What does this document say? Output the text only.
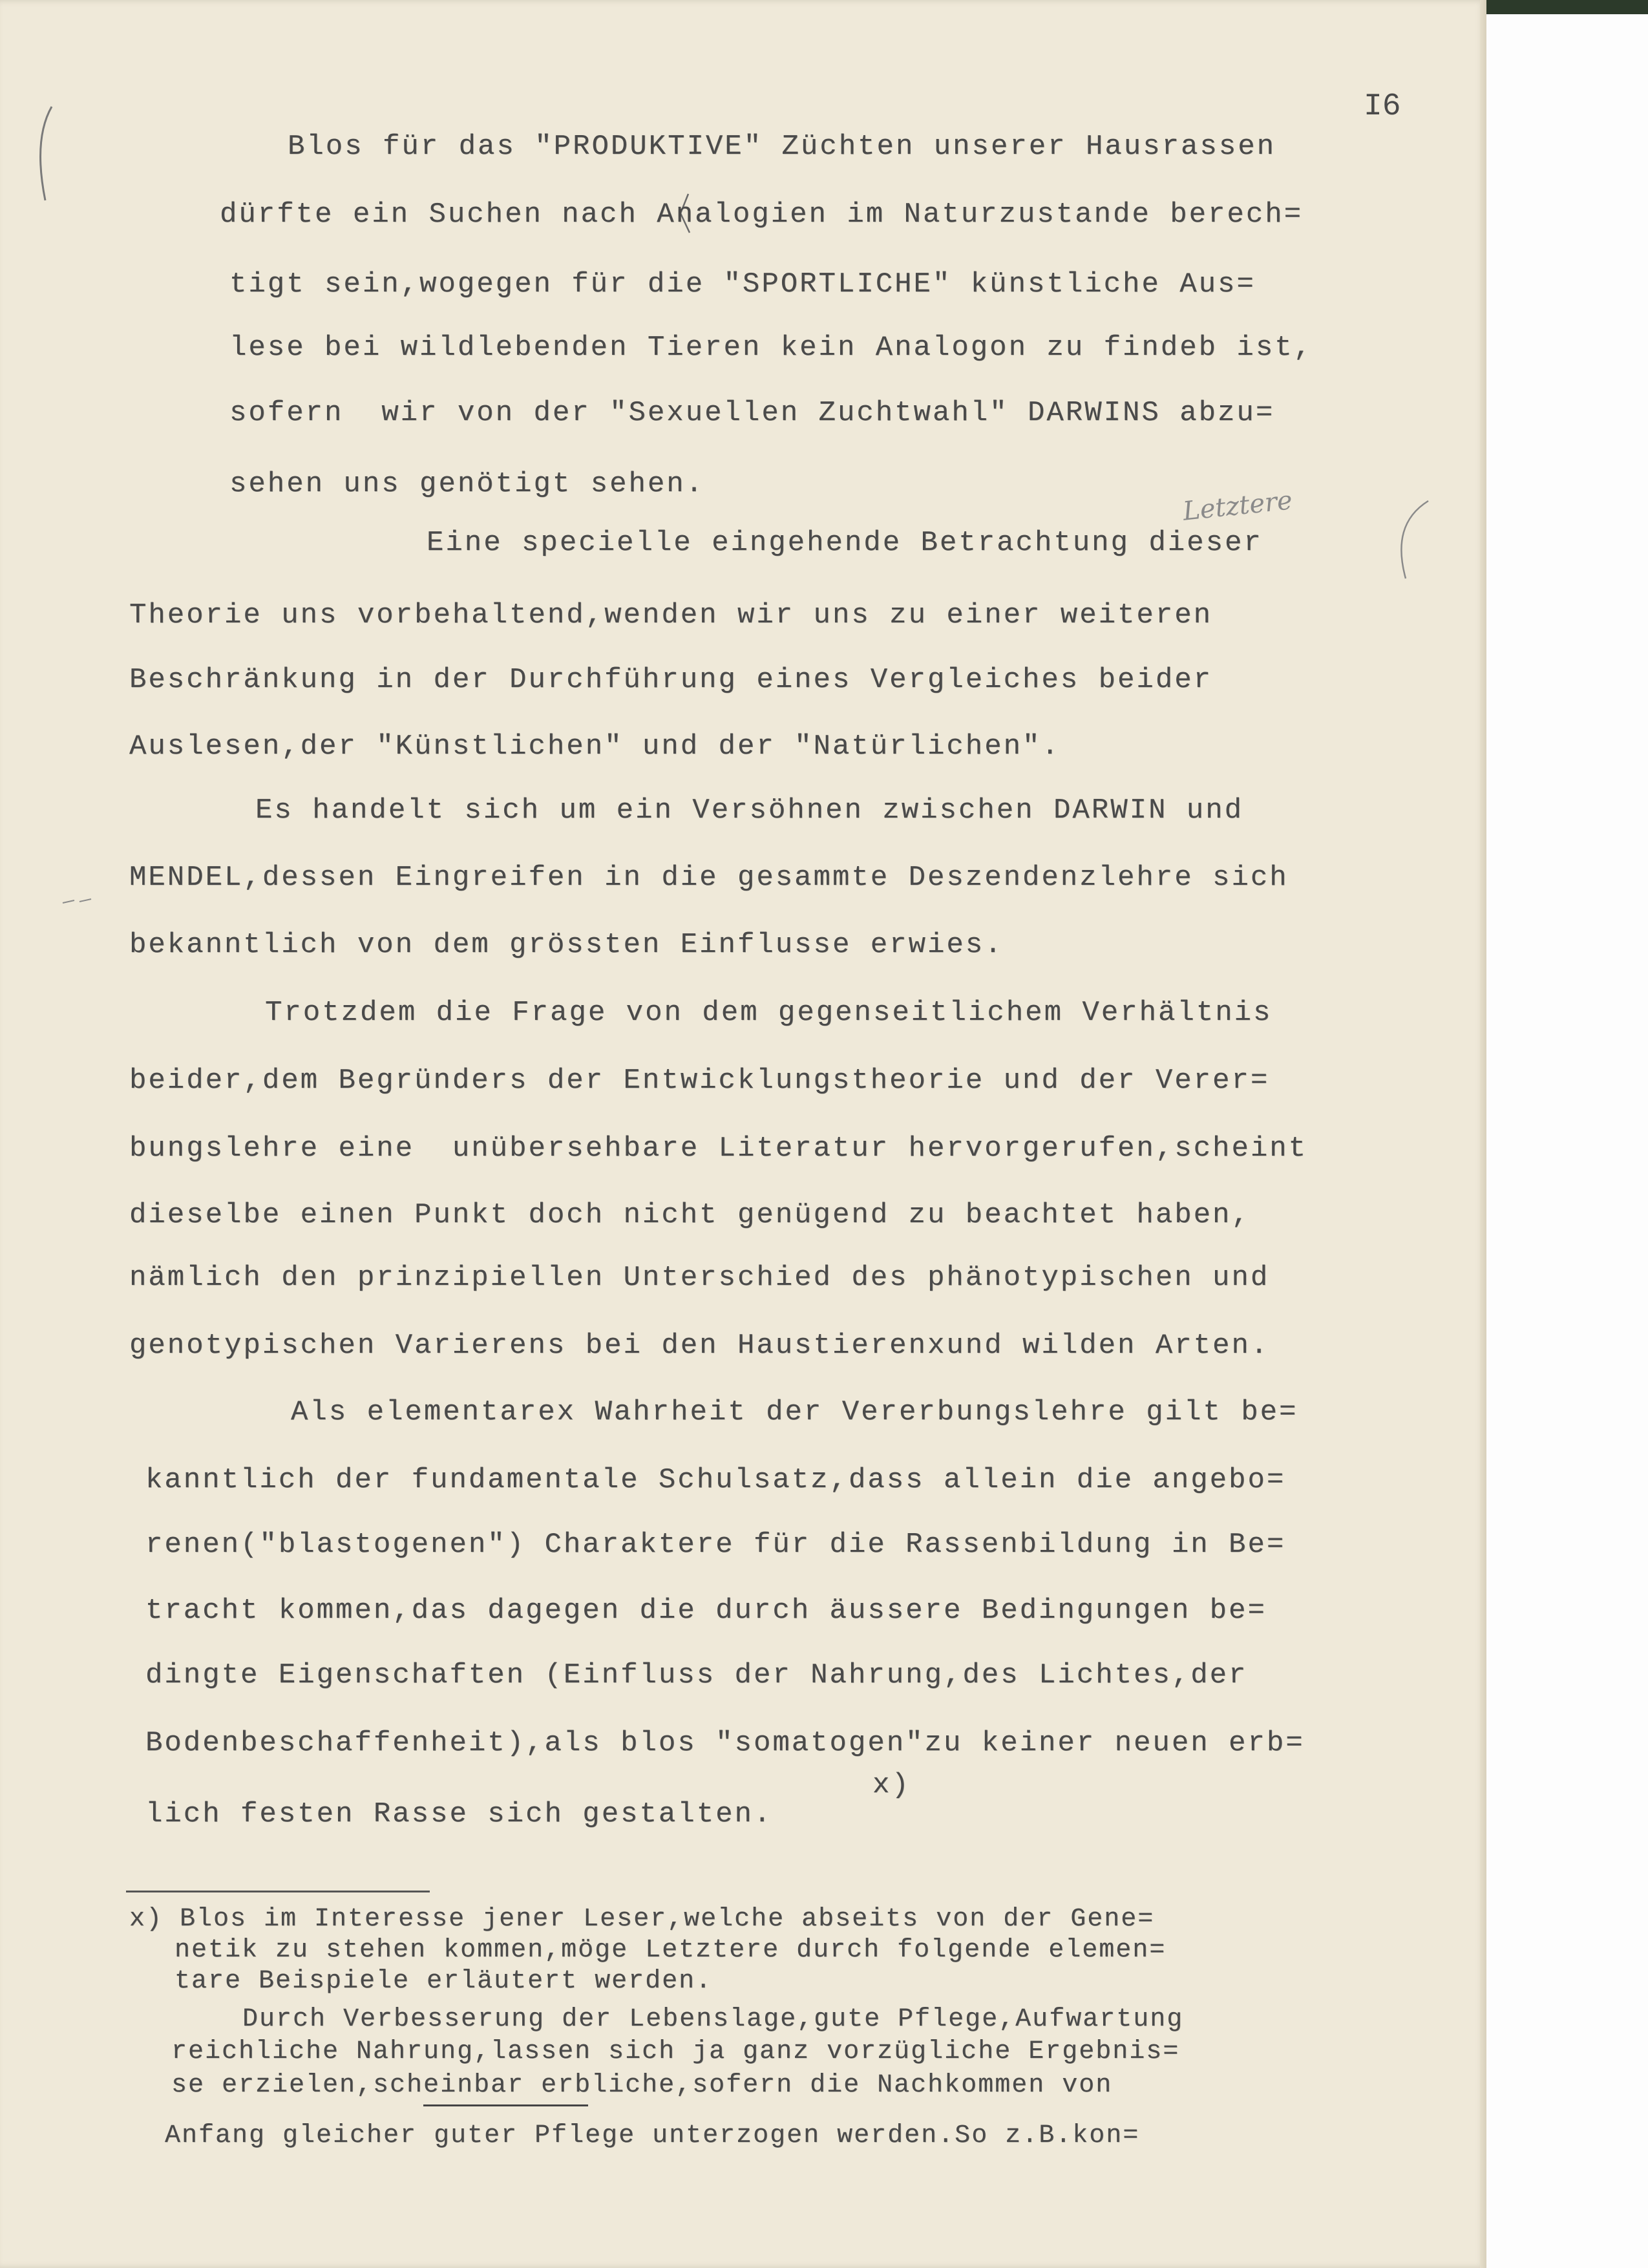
I6
Letztere
Blos für das "PRODUKTIVE" Züchten unserer Hausrassen
dürfte ein Suchen nach Analogien im Naturzustande berech=
tigt sein,wogegen für die "SPORTLICHE" künstliche Aus=
lese bei wildlebenden Tieren kein Analogon zu findeb ist,
sofern  wir von der "Sexuellen Zuchtwahl" DARWINS abzu=
sehen uns genötigt sehen.
Eine specielle eingehende Betrachtung dieser
Theorie uns vorbehaltend,wenden wir uns zu einer weiteren
Beschränkung in der Durchführung eines Vergleiches beider
Auslesen,der "Künstlichen" und der "Natürlichen".
Es handelt sich um ein Versöhnen zwischen DARWIN und
MENDEL,dessen Eingreifen in die gesammte Deszendenzlehre sich
bekanntlich von dem grössten Einflusse erwies.
Trotzdem die Frage von dem gegenseitlichem Verhältnis
beider,dem Begründers der Entwicklungstheorie und der Verer=
bungslehre eine  unübersehbare Literatur hervorgerufen,scheint
dieselbe einen Punkt doch nicht genügend zu beachtet haben,
nämlich den prinzipiellen Unterschied des phänotypischen und
genotypischen Varierens bei den Haustierenxund wilden Arten.
Als elementarex Wahrheit der Vererbungslehre gilt be=
kanntlich der fundamentale Schulsatz,dass allein die angebo=
renen("blastogenen") Charaktere für die Rassenbildung in Be=
tracht kommen,das dagegen die durch äussere Bedingungen be=
dingte Eigenschaften (Einfluss der Nahrung,des Lichtes,der
Bodenbeschaffenheit),als blos "somatogen"zu keiner neuen erb=
x)
lich festen Rasse sich gestalten.
x) Blos im Interesse jener Leser,welche abseits von der Gene=
netik zu stehen kommen,möge Letztere durch folgende elemen=
tare Beispiele erläutert werden.
Durch Verbesserung der Lebenslage,gute Pflege,Aufwartung
reichliche Nahrung,lassen sich ja ganz vorzügliche Ergebnis=
se erzielen,scheinbar erbliche,sofern die Nachkommen von
Anfang gleicher guter Pflege unterzogen werden.So z.B.kon=
